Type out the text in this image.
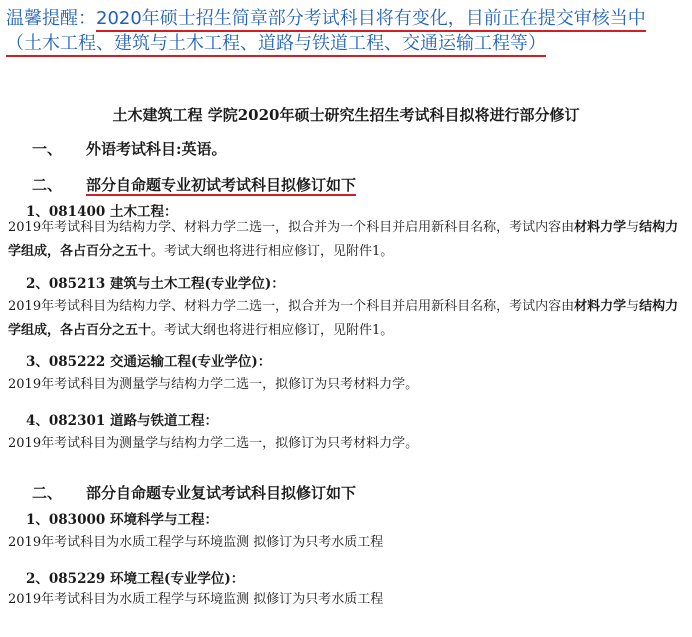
温馨提醒：2020年硕士招生简章部分考试科目将有变化，目前正在提交审核当中
（土木工程、建筑与土木工程、道路与铁道工程、交通运输工程等）
土木建筑工程 学院2020年硕士研究生招生考试科目拟将进行部分修订
一、 外语考试科目:英语。
二、 部分自命题专业初试考试科目拟修订如下
1、081400 土木工程：
2019年考试科目为结构力学、材料力学二选一，拟合并为一个科目并启用新科目名称，考试内容由材料力学与结构力学组成，各占百分之五十。考试大纲也将进行相应修订，见附件1。
2、085213 建筑与土木工程(专业学位)：
2019年考试科目为结构力学、材料力学二选一，拟合并为一个科目并启用新科目名称，考试内容由材料力学与结构力学组成，各占百分之五十。考试大纲也将进行相应修订，见附件1。
3、085222 交通运输工程(专业学位)：
2019年考试科目为测量学与结构力学二选一，拟修订为只考材料力学。
4、082301 道路与铁道工程：
2019年考试科目为测量学与结构力学二选一，拟修订为只考材料力学。
二、 部分自命题专业复试考试科目拟修订如下
1、083000 环境科学与工程：
2019年考试科目为水质工程学与环境监测 拟修订为只考水质工程
2、085229 环境工程(专业学位)：
2019年考试科目为水质工程学与环境监测 拟修订为只考水质工程
